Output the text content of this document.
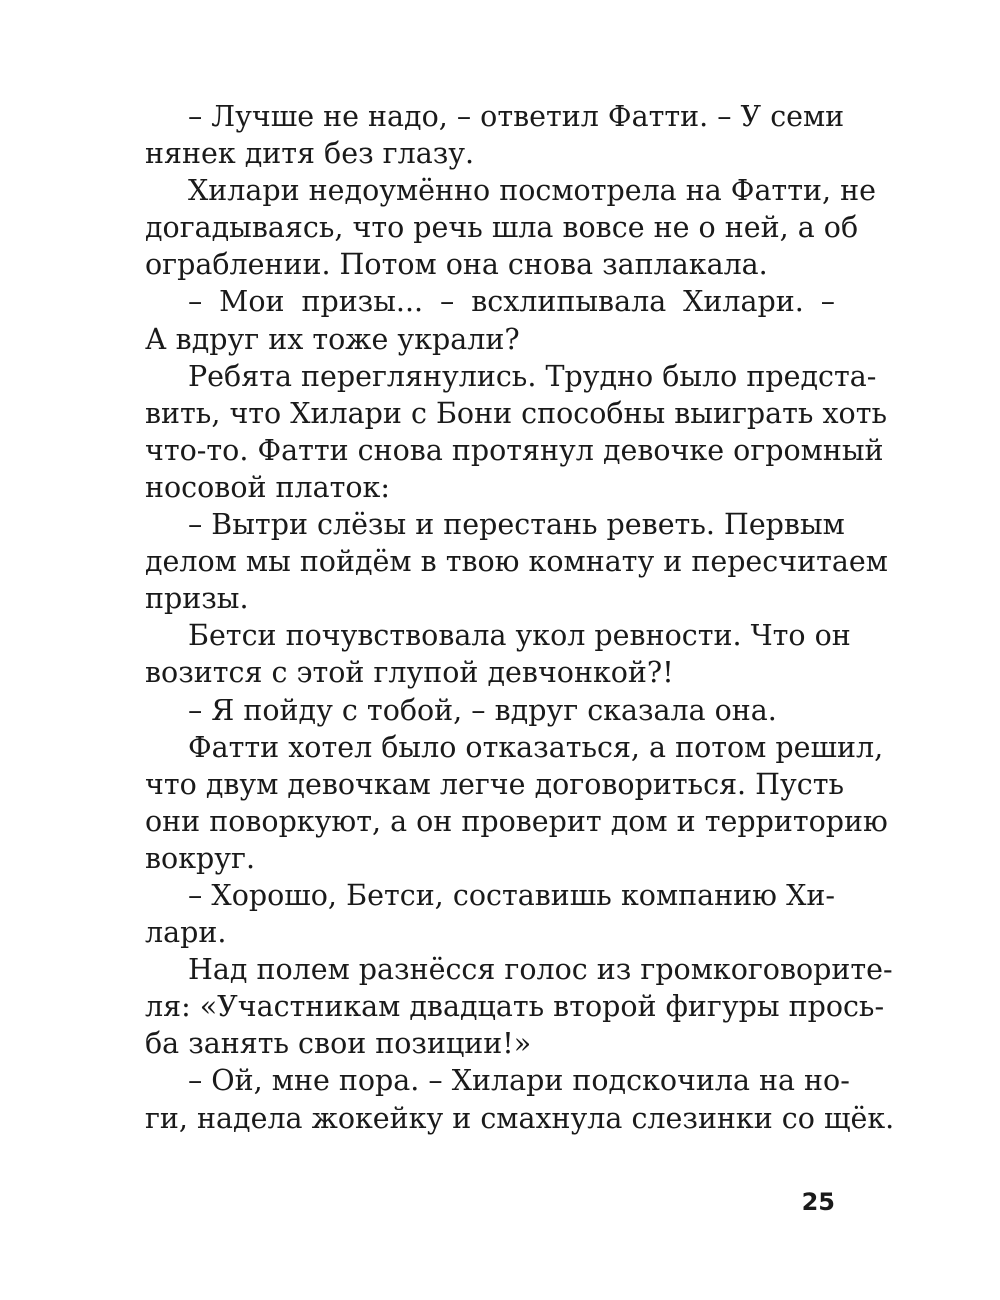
– Лучше не надо, – ответил Фатти. – У семи
нянек дитя без глазу.
Хилари недоумённо посмотрела на Фатти, не
догадываясь, что речь шла вовсе не о ней, а об
ограблении. Потом она снова заплакала.
– Мои призы... – всхлипывала Хилари. –
А вдруг их тоже украли?
Ребята переглянулись. Трудно было предста-
вить, что Хилари с Бони способны выиграть хоть
что-то. Фатти снова протянул девочке огромный
носовой платок:
– Вытри слёзы и перестань реветь. Первым
делом мы пойдём в твою комнату и пересчитаем
призы.
Бетси почувствовала укол ревности. Что он
возится с этой глупой девчонкой?!
– Я пойду с тобой, – вдруг сказала она.
Фатти хотел было отказаться, а потом решил,
что двум девочкам легче договориться. Пусть
они поворкуют, а он проверит дом и территорию
вокруг.
– Хорошо, Бетси, составишь компанию Хи-
лари.
Над полем разнёсся голос из громкоговорите-
ля: «Участникам двадцать второй фигуры прось-
ба занять свои позиции!»
– Ой, мне пора. – Хилари подскочила на но-
ги, надела жокейку и смахнула слезинки со щёк.
25
